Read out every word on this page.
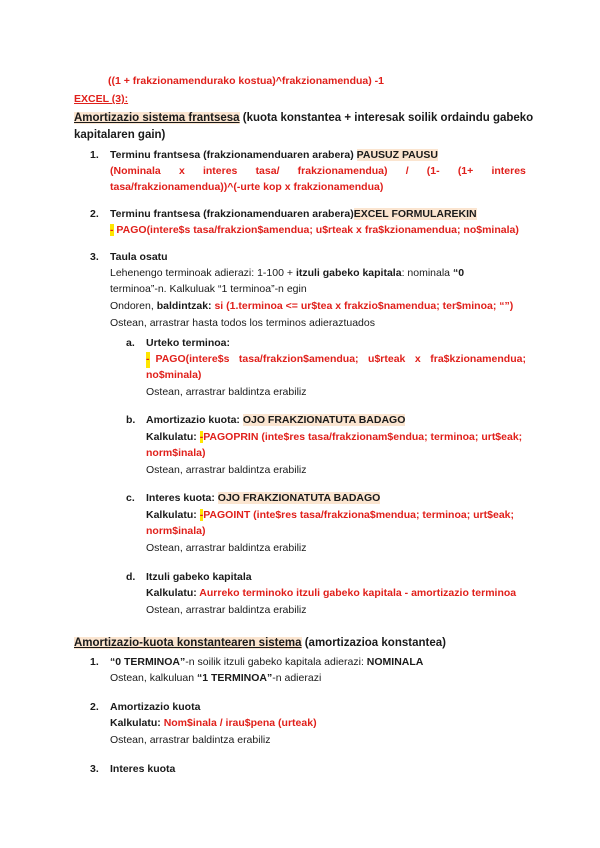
((1 + frakzionamendurako kostua)^frakzionamendua) -1
EXCEL (3):
Amortizazio sistema frantsesa (kuota konstantea + interesak soilik ordaindu gabeko
kapitalaren gain)
1. Terminu frantsesa (frakzionamenduaren arabera) PAUSUZ PAUSU
(Nominala x interes tasa/ frakzionamendua) / (1- (1+ interes
tasa/frakzionamendua))^(-urte kop x frakzionamendua)
2. Terminu frantsesa (frakzionamenduaren arabera)EXCEL FORMULAREKIN
- PAGO(intere$s tasa/frakzion$amendua; u$rteak x fra$kzionamendua; no$minala)
3. Taula osatu
Lehenengo terminoak adierazi: 1-100 + itzuli gabeko kapitala: nominala “0
terminoa”-n. Kalkuluak “1 terminoa”-n egin
Ondoren, baldintzak: si (1.terminoa <= ur$tea x frakzio$namendua; ter$minoa; “”)
Ostean, arrastrar hasta todos los terminos adieraztuados
a. Urteko terminoa:
- PAGO(intere$s tasa/frakzion$amendua; u$rteak x fra$kzionamendua;
no$minala)
Ostean, arrastrar baldintza erabiliz
b. Amortizazio kuota: OJO FRAKZIONATUTA BADAGO
Kalkulatu: -PAGOPRIN (inte$res tasa/frakzionam$endua; terminoa; urt$eak;
norm$inala)
Ostean, arrastrar baldintza erabiliz
c. Interes kuota: OJO FRAKZIONATUTA BADAGO
Kalkulatu: -PAGOINT (inte$res tasa/frakziona$mendua; terminoa; urt$eak;
norm$inala)
Ostean, arrastrar baldintza erabiliz
d. Itzuli gabeko kapitala
Kalkulatu: Aurreko terminoko itzuli gabeko kapitala - amortizazio terminoa
Ostean, arrastrar baldintza erabiliz
Amortizazio-kuota konstantearen sistema (amortizazioa konstantea)
1. “0 TERMINOA”-n soilik itzuli gabeko kapitala adierazi: NOMINALA
Ostean, kalkuluan “1 TERMINOA”-n adierazi
2. Amortizazio kuota
Kalkulatu: Nom$inala / irau$pena (urteak)
Ostean, arrastrar baldintza erabiliz
3. Interes kuota
